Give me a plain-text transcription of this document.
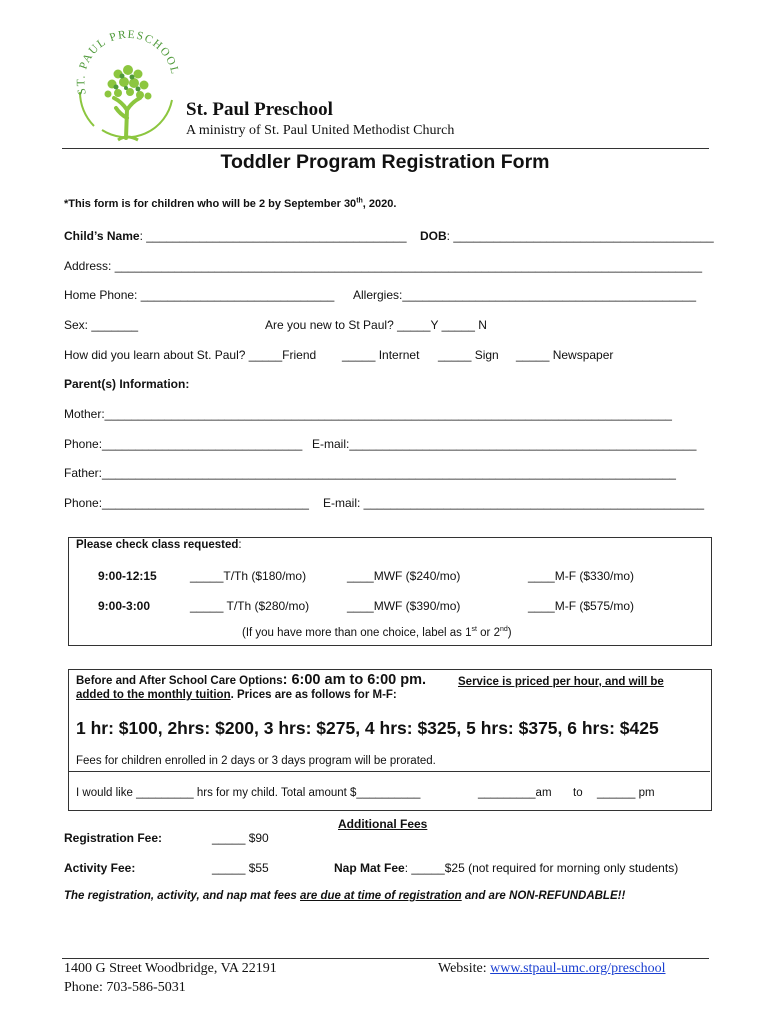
ST. PAUL PRESCHOOL
St. Paul Preschool
A ministry of St. Paul United Methodist Church
Toddler Program Registration Form
*This form is for children who will be 2 by September 30th, 2020.
Child’s Name: _______________________________________ DOB: _______________________________________
Address: ________________________________________________________________________________________
Home Phone: _____________________________ Allergies:____________________________________________
Sex: _______	Are you new to St Paul? _____Y _____ N
How did you learn about St. Paul? _____Friend _____ Internet _____ Sign _____ Newspaper
Parent(s) Information:
Mother:_____________________________________________________________________________________
Phone:______________________________ E-mail:____________________________________________________
Father:______________________________________________________________________________________
Phone:_______________________________ E-mail: ___________________________________________________
Please check class requested:
9:00-12:15	_____T/Th ($180/mo)	____MWF ($240/mo)	____M-F ($330/mo)
9:00-3:00	_____ T/Th ($280/mo)	____MWF ($390/mo)	____M-F ($575/mo)
(If you have more than one choice, label as 1st or 2nd)
Before and After School Care Options: 6:00 am to 6:00 pm.	Service is priced per hour, and will be
added to the monthly tuition. Prices are as follows for M-F:
1 hr: $100, 2hrs: $200, 3 hrs: $275, 4 hrs: $325, 5 hrs: $375, 6 hrs: $425
Fees for children enrolled in 2 days or 3 days program will be prorated.
I would like _________ hrs for my child. Total amount $__________	_________am to ______ pm
Additional Fees
Registration Fee:	_____ $90
Activity Fee:	_____ $55	Nap Mat Fee: _____$25 (not required for morning only students)
The registration, activity, and nap mat fees are due at time of registration and are NON-REFUNDABLE!!
1400 G Street Woodbridge, VA 22191
Phone: 703-586-5031
Website: www.stpaul-umc.org/preschool
